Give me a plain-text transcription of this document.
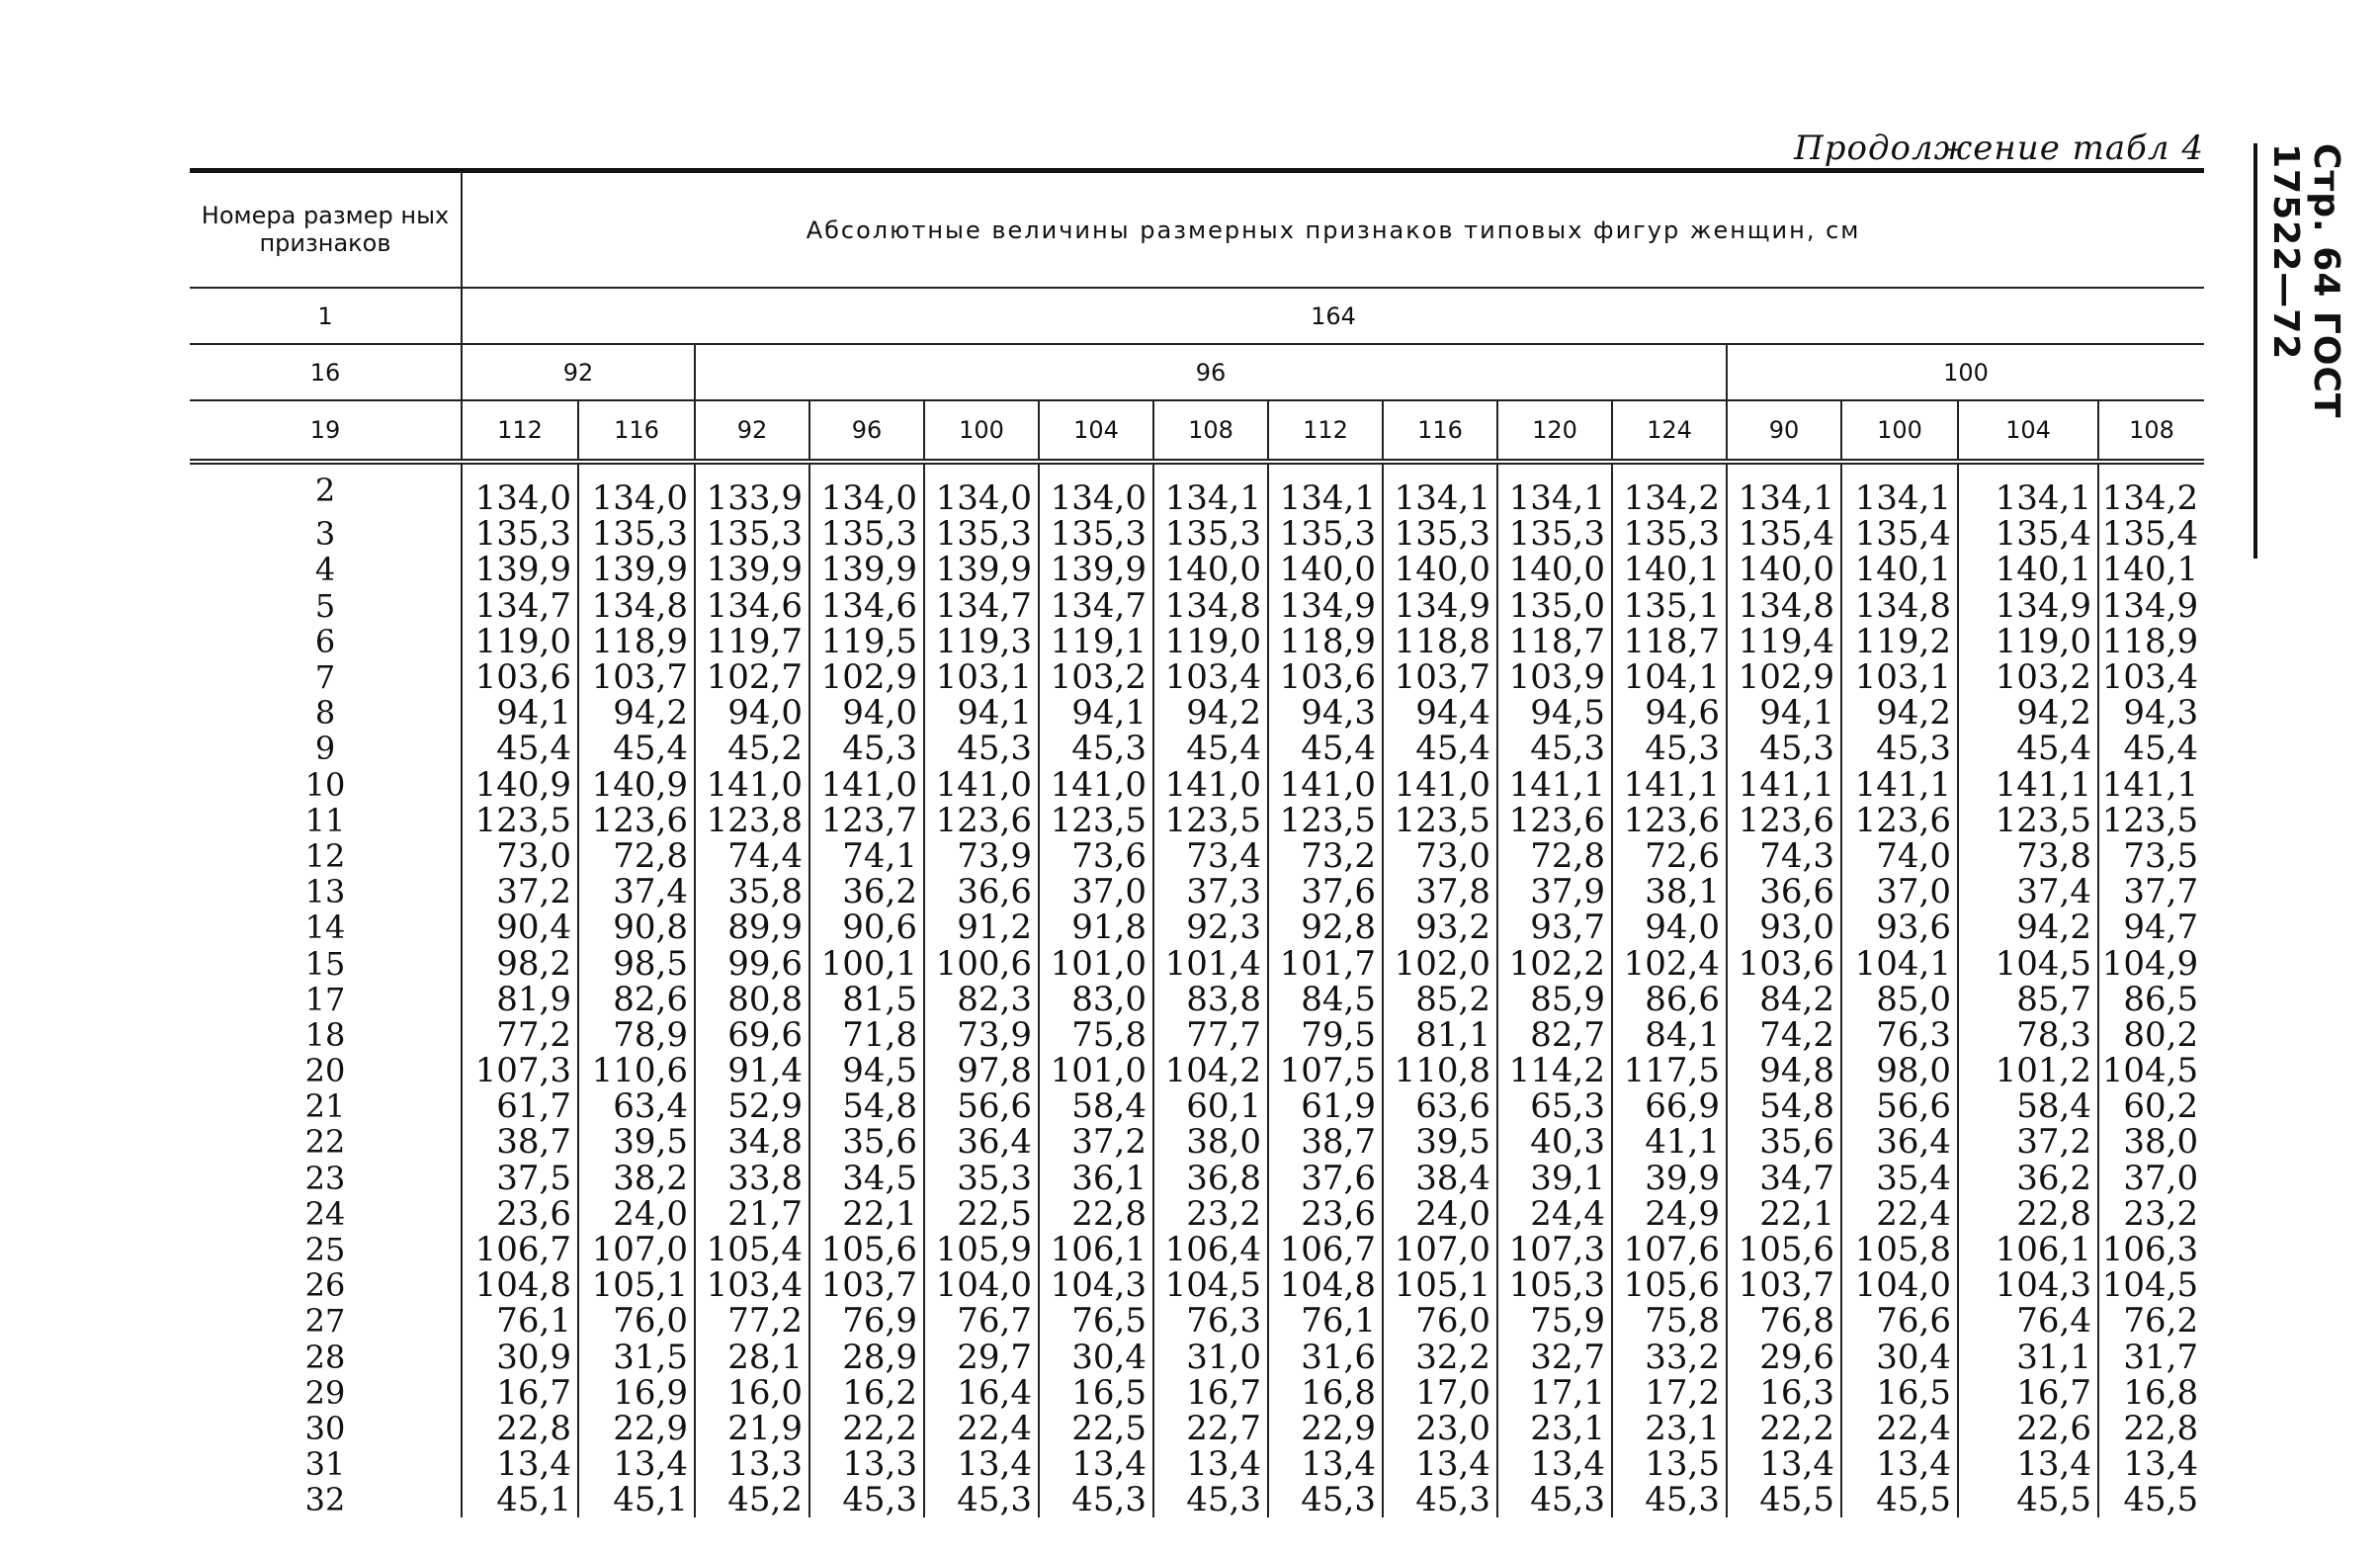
Продолжение табл 4	Стр. 64 ГОСТ 17522—72
Номера размер ных признаков	Абсолютные величины размерных признаков типовых фигур женщин, см														
1	164														
16	92		96									100			
19	112	116	92	96	100	104	108	112	116	120	124	90	100	104	108
2	134,0	134,0	133,9	134,0	134,0	134,0	134,1	134,1	134,1	134,1	134,2	134,1	134,1	134,1	134,2
3	135,3	135,3	135,3	135,3	135,3	135,3	135,3	135,3	135,3	135,3	135,3	135,4	135,4	135,4	135,4
4	139,9	139,9	139,9	139,9	139,9	139,9	140,0	140,0	140,0	140,0	140,1	140,0	140,1	140,1	140,1
5	134,7	134,8	134,6	134,6	134,7	134,7	134,8	134,9	134,9	135,0	135,1	134,8	134,8	134,9	134,9
6	119,0	118,9	119,7	119,5	119,3	119,1	119,0	118,9	118,8	118,7	118,7	119,4	119,2	119,0	118,9
7	103,6	103,7	102,7	102,9	103,1	103,2	103,4	103,6	103,7	103,9	104,1	102,9	103,1	103,2	103,4
8	94,1	94,2	94,0	94,0	94,1	94,1	94,2	94,3	94,4	94,5	94,6	94,1	94,2	94,2	94,3
9	45,4	45,4	45,2	45,3	45,3	45,3	45,4	45,4	45,4	45,3	45,3	45,3	45,3	45,4	45,4
10	140,9	140,9	141,0	141,0	141,0	141,0	141,0	141,0	141,0	141,1	141,1	141,1	141,1	141,1	141,1
11	123,5	123,6	123,8	123,7	123,6	123,5	123,5	123,5	123,5	123,6	123,6	123,6	123,6	123,5	123,5
12	73,0	72,8	74,4	74,1	73,9	73,6	73,4	73,2	73,0	72,8	72,6	74,3	74,0	73,8	73,5
13	37,2	37,4	35,8	36,2	36,6	37,0	37,3	37,6	37,8	37,9	38,1	36,6	37,0	37,4	37,7
14	90,4	90,8	89,9	90,6	91,2	91,8	92,3	92,8	93,2	93,7	94,0	93,0	93,6	94,2	94,7
15	98,2	98,5	99,6	100,1	100,6	101,0	101,4	101,7	102,0	102,2	102,4	103,6	104,1	104,5	104,9
17	81,9	82,6	80,8	81,5	82,3	83,0	83,8	84,5	85,2	85,9	86,6	84,2	85,0	85,7	86,5
18	77,2	78,9	69,6	71,8	73,9	75,8	77,7	79,5	81,1	82,7	84,1	74,2	76,3	78,3	80,2
20	107,3	110,6	91,4	94,5	97,8	101,0	104,2	107,5	110,8	114,2	117,5	94,8	98,0	101,2	104,5
21	61,7	63,4	52,9	54,8	56,6	58,4	60,1	61,9	63,6	65,3	66,9	54,8	56,6	58,4	60,2
22	38,7	39,5	34,8	35,6	36,4	37,2	38,0	38,7	39,5	40,3	41,1	35,6	36,4	37,2	38,0
23	37,5	38,2	33,8	34,5	35,3	36,1	36,8	37,6	38,4	39,1	39,9	34,7	35,4	36,2	37,0
24	23,6	24,0	21,7	22,1	22,5	22,8	23,2	23,6	24,0	24,4	24,9	22,1	22,4	22,8	23,2
25	106,7	107,0	105,4	105,6	105,9	106,1	106,4	106,7	107,0	107,3	107,6	105,6	105,8	106,1	106,3
26	104,8	105,1	103,4	103,7	104,0	104,3	104,5	104,8	105,1	105,3	105,6	103,7	104,0	104,3	104,5
27	76,1	76,0	77,2	76,9	76,7	76,5	76,3	76,1	76,0	75,9	75,8	76,8	76,6	76,4	76,2
28	30,9	31,5	28,1	28,9	29,7	30,4	31,0	31,6	32,2	32,7	33,2	29,6	30,4	31,1	31,7
29	16,7	16,9	16,0	16,2	16,4	16,5	16,7	16,8	17,0	17,1	17,2	16,3	16,5	16,7	16,8
30	22,8	22,9	21,9	22,2	22,4	22,5	22,7	22,9	23,0	23,1	23,1	22,2	22,4	22,6	22,8
31	13,4	13,4	13,3	13,3	13,4	13,4	13,4	13,4	13,4	13,4	13,5	13,4	13,4	13,4	13,4
32	45,1	45,1	45,2	45,3	45,3	45,3	45,3	45,3	45,3	45,3	45,3	45,5	45,5	45,5	45,5
